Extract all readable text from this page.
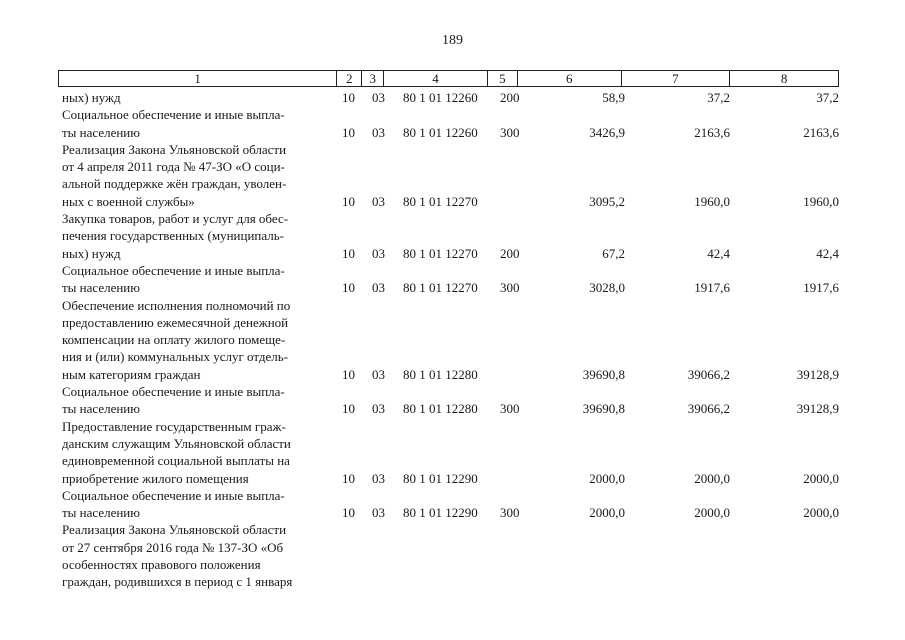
189
1	2	3	4	5	6	7	8
ных) нужд	10 03 80 1 01 12260 200	58,9	37,2	37,2
Социальное обеспечение и иные выпла-
ты населению	10 03 80 1 01 12260 300	3426,9	2163,6	2163,6
Реализация Закона Ульяновской области
от 4 апреля 2011 года № 47-ЗО «О соци-
альной поддержке жён граждан, уволен-
ных с военной службы»	10 03 80 1 01 12270	3095,2	1960,0	1960,0
Закупка товаров, работ и услуг для обес-
печения государственных (муниципаль-
ных) нужд	10 03 80 1 01 12270 200	67,2	42,4	42,4
Социальное обеспечение и иные выпла-
ты населению	10 03 80 1 01 12270 300	3028,0	1917,6	1917,6
Обеспечение исполнения полномочий по
предоставлению ежемесячной денежной
компенсации на оплату жилого помеще-
ния и (или) коммунальных услуг отдель-
ным категориям граждан	10 03 80 1 01 12280	39690,8	39066,2	39128,9
Социальное обеспечение и иные выпла-
ты населению	10 03 80 1 01 12280 300	39690,8	39066,2	39128,9
Предоставление государственным граж-
данским служащим Ульяновской области
единовременной социальной выплаты на
приобретение жилого помещения	10 03 80 1 01 12290	2000,0	2000,0	2000,0
Социальное обеспечение и иные выпла-
ты населению	10 03 80 1 01 12290 300	2000,0	2000,0	2000,0
Реализация Закона Ульяновской области
от 27 сентября 2016 года № 137-ЗО «Об
особенностях правового положения
граждан, родившихся в период с 1 января
